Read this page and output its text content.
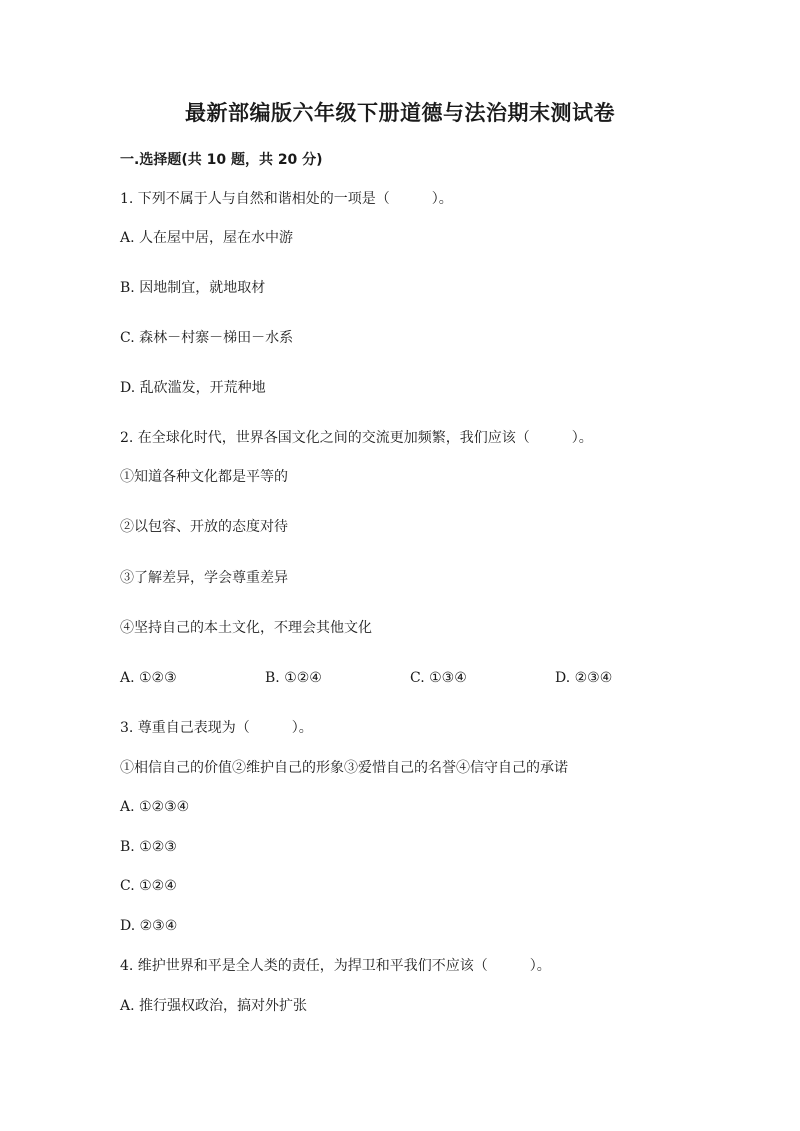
最新部编版六年级下册道德与法治期末测试卷
一.选择题(共 10 题，共 20 分)
1. 下列不属于人与自然和谐相处的一项是（　　　）。
A. 人在屋中居，屋在水中游
B. 因地制宜，就地取材
C. 森林－村寨－梯田－水系
D. 乱砍滥发，开荒种地
2. 在全球化时代，世界各国文化之间的交流更加频繁，我们应该（　　　）。
①知道各种文化都是平等的
②以包容、开放的态度对待
③了解差异，学会尊重差异
④坚持自己的本土文化，不理会其他文化
A. ①②③	B. ①②④	C. ①③④	D. ②③④
3. 尊重自己表现为（　　　）。
①相信自己的价值②维护自己的形象③爱惜自己的名誉④信守自己的承诺
A. ①②③④
B. ①②③
C. ①②④
D. ②③④
4. 维护世界和平是全人类的责任，为捍卫和平我们不应该（　　　）。
A. 推行强权政治，搞对外扩张
